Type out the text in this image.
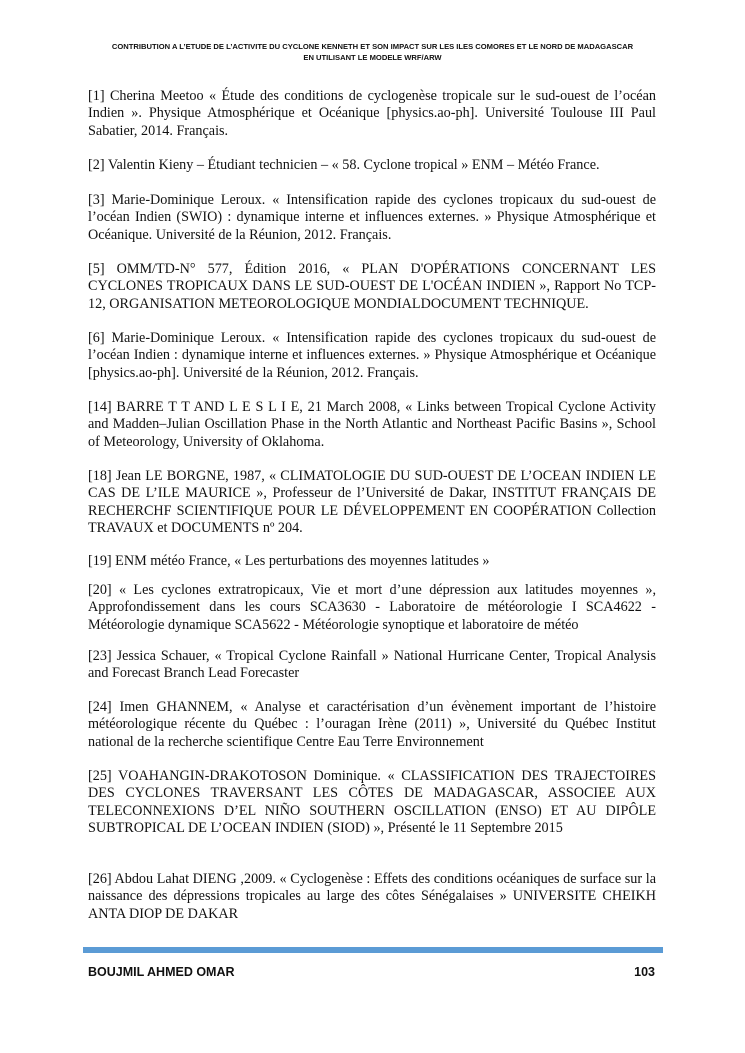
CONTRIBUTION A L’ETUDE DE L’ACTIVITE DU CYCLONE KENNETH ET SON IMPACT SUR LES ILES COMORES ET LE NORD DE MADAGASCAR
EN UTILISANT LE MODELE WRF/ARW

[1] Cherina Meetoo « Étude des conditions de cyclogenèse tropicale sur le sud-ouest de l’océan Indien ». Physique Atmosphérique et Océanique [physics.ao-ph]. Université Toulouse III Paul Sabatier, 2014. Français.

[2] Valentin Kieny – Étudiant technicien – « 58. Cyclone tropical » ENM – Météo France.

[3] Marie-Dominique Leroux. « Intensification rapide des cyclones tropicaux du sud-ouest de l’océan Indien (SWIO) : dynamique interne et influences externes. » Physique Atmosphérique et Océanique. Université de la Réunion, 2012. Français.

[5] OMM/TD-N° 577, Édition 2016, « PLAN D'OPÉRATIONS CONCERNANT LES CYCLONES TROPICAUX DANS LE SUD-OUEST DE L'OCÉAN INDIEN », Rapport No TCP-12, ORGANISATION METEOROLOGIQUE MONDIALDOCUMENT TECHNIQUE.

[6] Marie-Dominique Leroux. « Intensification rapide des cyclones tropicaux du sud-ouest de l’océan Indien : dynamique interne et influences externes. » Physique Atmosphérique et Océanique [physics.ao-ph]. Université de la Réunion, 2012. Français.

[14] BARRE T T AND L E S L I E, 21 March 2008, « Links between Tropical Cyclone Activity and Madden–Julian Oscillation Phase in the North Atlantic and Northeast Pacific Basins », School of Meteorology, University of Oklahoma.

[18] Jean LE BORGNE, 1987, « CLIMATOLOGIE DU SUD-OUEST DE L’OCEAN INDIEN LE CAS DE L’ILE MAURICE », Professeur de l’Université de Dakar, INSTITUT FRANÇAIS DE RECHERCHF SCIENTIFIQUE POUR LE DÉVELOPPEMENT EN COOPÉRATION Collection TRAVAUX et DOCUMENTS nº 204.

[19] ENM météo France, « Les perturbations des moyennes latitudes »

[20] « Les cyclones extratropicaux, Vie et mort d’une dépression aux latitudes moyennes », Approfondissement dans les cours SCA3630 - Laboratoire de météorologie I SCA4622 - Météorologie dynamique SCA5622 - Météorologie synoptique et laboratoire de météo

[23] Jessica Schauer, « Tropical Cyclone Rainfall » National Hurricane Center, Tropical Analysis and Forecast Branch Lead Forecaster

[24] Imen GHANNEM, « Analyse et caractérisation d’un évènement important de l’histoire météorologique récente du Québec : l’ouragan Irène (2011) », Université du Québec Institut national de la recherche scientifique Centre Eau Terre Environnement

[25] VOAHANGIN-DRAKOTOSON Dominique. « CLASSIFICATION DES TRAJECTOIRES DES CYCLONES TRAVERSANT LES CÔTES DE MADAGASCAR, ASSOCIEE AUX TELECONNEXIONS D’EL NIÑO SOUTHERN OSCILLATION (ENSO) ET AU DIPÔLE SUBTROPICAL DE L’OCEAN INDIEN (SIOD) », Présenté le 11 Septembre 2015

[26] Abdou Lahat DIENG ,2009. « Cyclogenèse : Effets des conditions océaniques de surface sur la naissance des dépressions tropicales au large des côtes Sénégalaises » UNIVERSITE CHEIKH ANTA DIOP DE DAKAR

BOUJMIL AHMED OMAR	103
